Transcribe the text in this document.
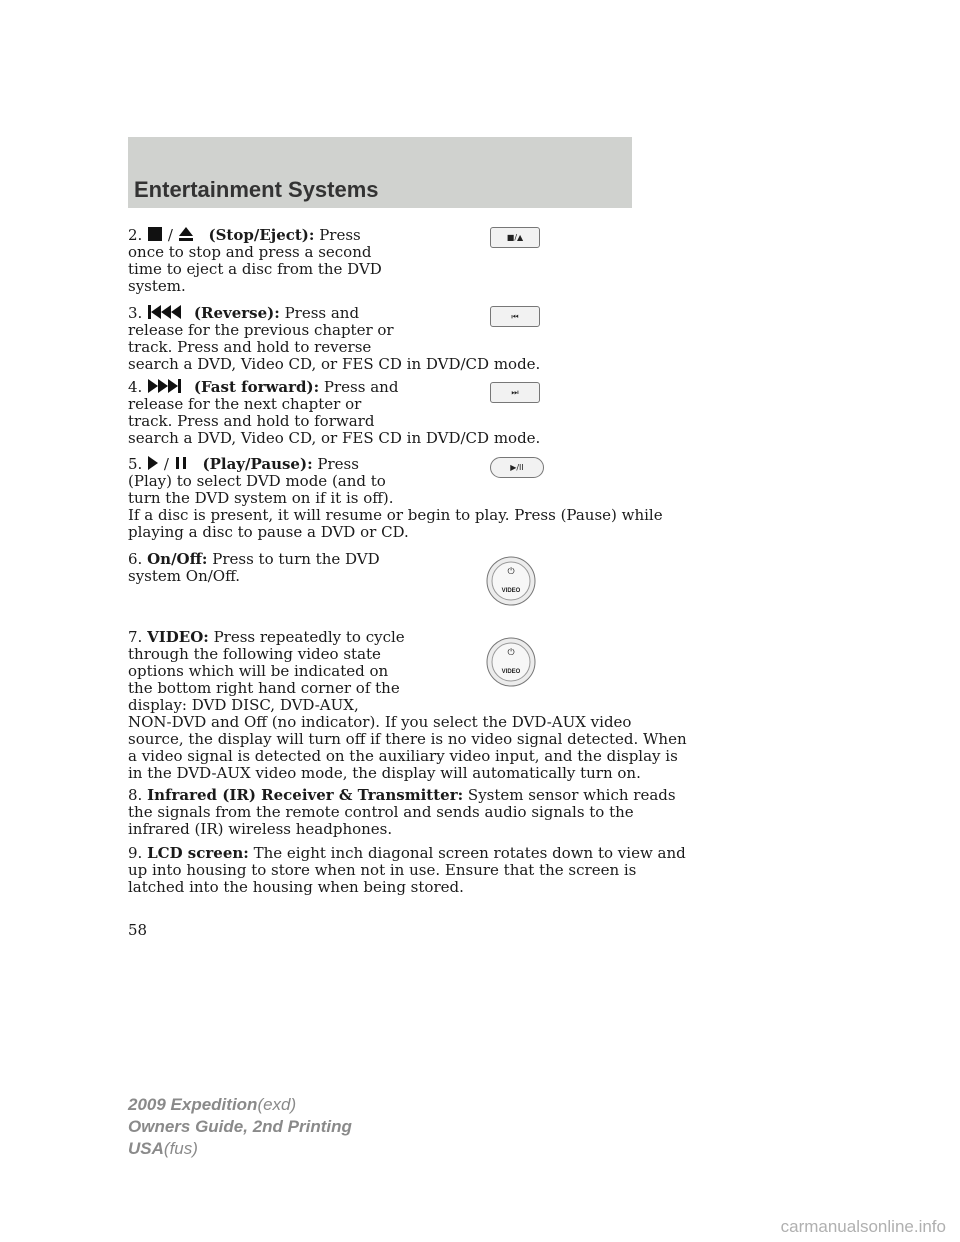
Entertainment Systems
2. / (Stop/Eject): Press
once to stop and press a second
time to eject a disc from the DVD
system.
■/▲
3.	(Reverse): Press and
release for the previous chapter or
track. Press and hold to reverse
search a DVD, Video CD, or FES CD in DVD/CD mode.
⏮
4.	(Fast forward): Press and
release for the next chapter or
track. Press and hold to forward
search a DVD, Video CD, or FES CD in DVD/CD mode.
⏭
5. / (Play/Pause): Press
(Play) to select DVD mode (and to
turn the DVD system on if it is off).
If a disc is present, it will resume or begin to play. Press (Pause) while
playing a disc to pause a DVD or CD.
▶/II
6. On/Off: Press to turn the DVD
system On/Off.	⏻
VIDEO
7. VIDEO: Press repeatedly to cycle
through the following video state
options which will be indicated on
the bottom right hand corner of the
display: DVD DISC, DVD-AUX,
NON-DVD and Off (no indicator). If you select the DVD-AUX video
source, the display will turn off if there is no video signal detected. When
a video signal is detected on the auxiliary video input, and the display is
in the DVD-AUX video mode, the display will automatically turn on.
⏻
VIDEO
8. Infrared (IR) Receiver & Transmitter: System sensor which reads
the signals from the remote control and sends audio signals to the
infrared (IR) wireless headphones.
9. LCD screen: The eight inch diagonal screen rotates down to view and
up into housing to store when not in use. Ensure that the screen is
latched into the housing when being stored.
58
2009 Expedition(exd)
Owners Guide, 2nd Printing
USA(fus)
carmanualsonline.info
